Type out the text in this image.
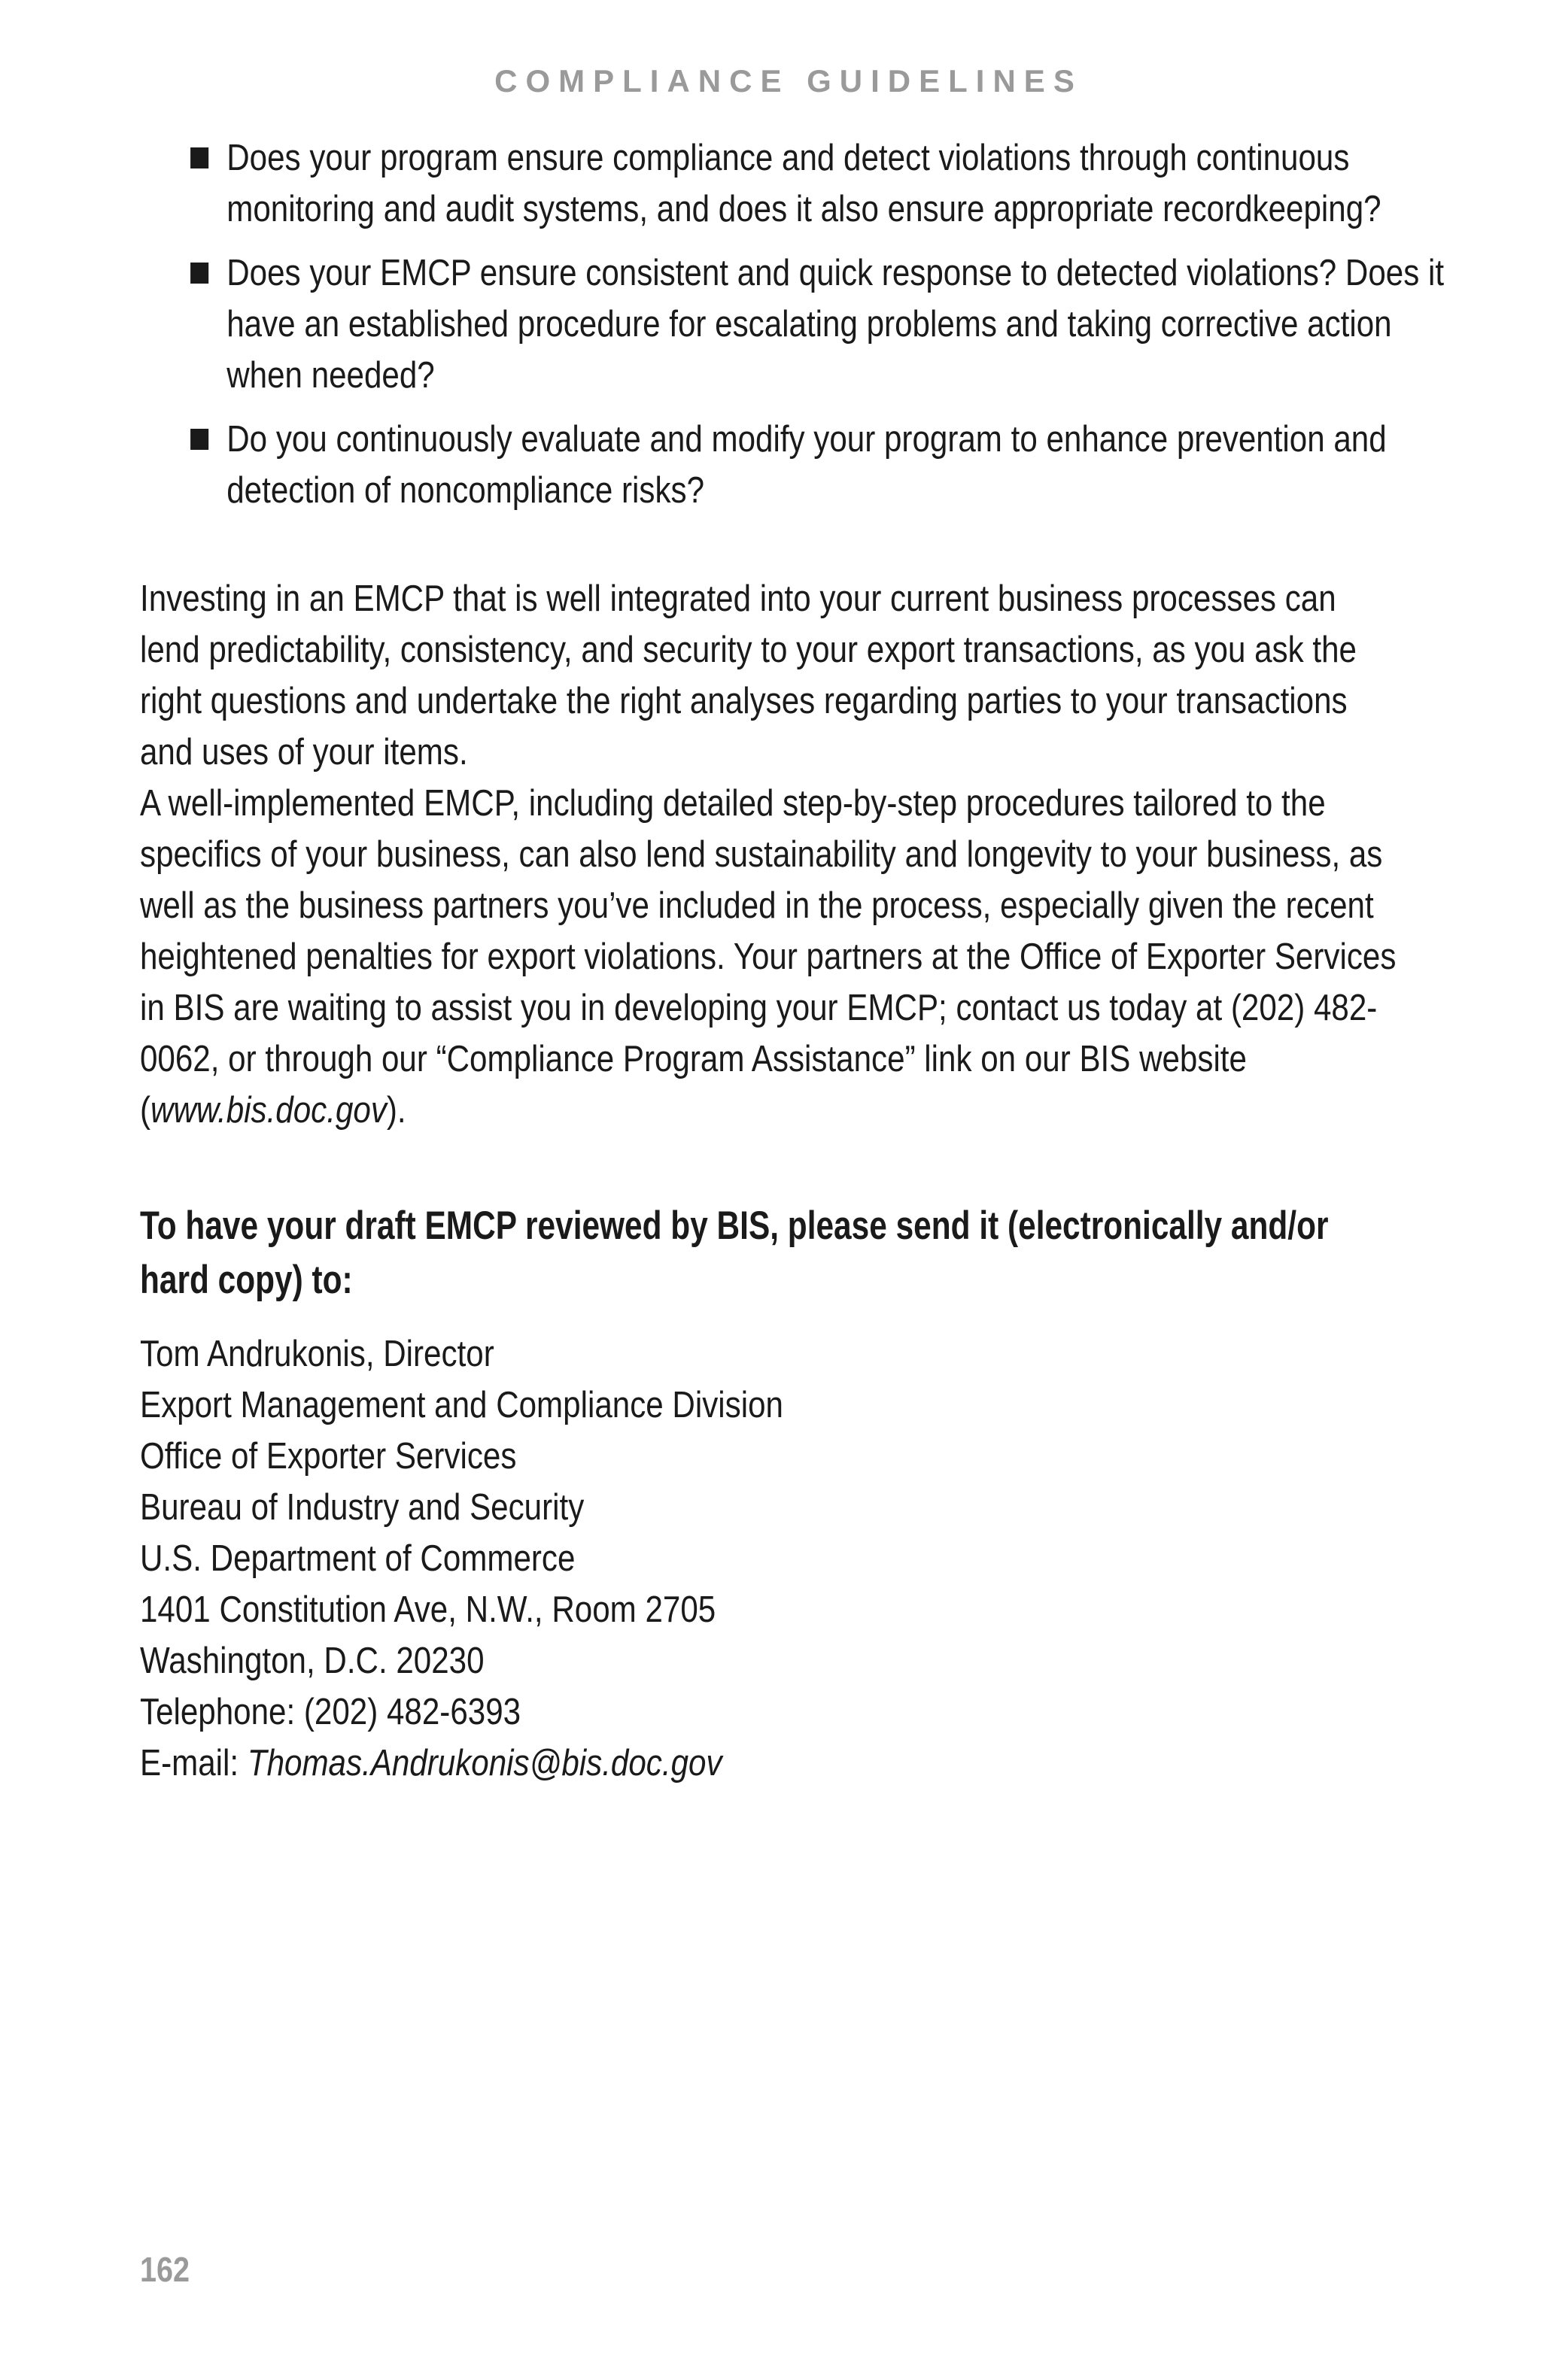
COMPLIANCE GUIDELINES
Does your program ensure compliance and detect violations through continuous monitoring and audit systems, and does it also ensure appropriate recordkeeping?
Does your EMCP ensure consistent and quick response to detected violations? Does it have an established procedure for escalating problems and taking corrective action when needed?
Do you continuously evaluate and modify your program to enhance prevention and detection of noncompliance risks?

Investing in an EMCP that is well integrated into your current business processes can lend predictability, consistency, and security to your export transactions, as you ask the right questions and undertake the right analyses regarding parties to your transactions and uses of your items.

A well-implemented EMCP, including detailed step-by-step procedures tailored to the specifics of your business, can also lend sustainability and longevity to your business, as well as the business partners you’ve included in the process, especially given the recent heightened penalties for export violations. Your partners at the Office of Exporter Services in BIS are waiting to assist you in developing your EMCP; contact us today at (202) 482-0062, or through our “Compliance Program Assistance” link on our BIS website (www.bis.doc.gov).

To have your draft EMCP reviewed by BIS, please send it (electronically and/or hard copy) to:
Tom Andrukonis, Director
Export Management and Compliance Division
Office of Exporter Services
Bureau of Industry and Security
U.S. Department of Commerce
1401 Constitution Ave, N.W., Room 2705
Washington, D.C. 20230
Telephone: (202) 482-6393
E-mail: Thomas.Andrukonis@bis.doc.gov
162
